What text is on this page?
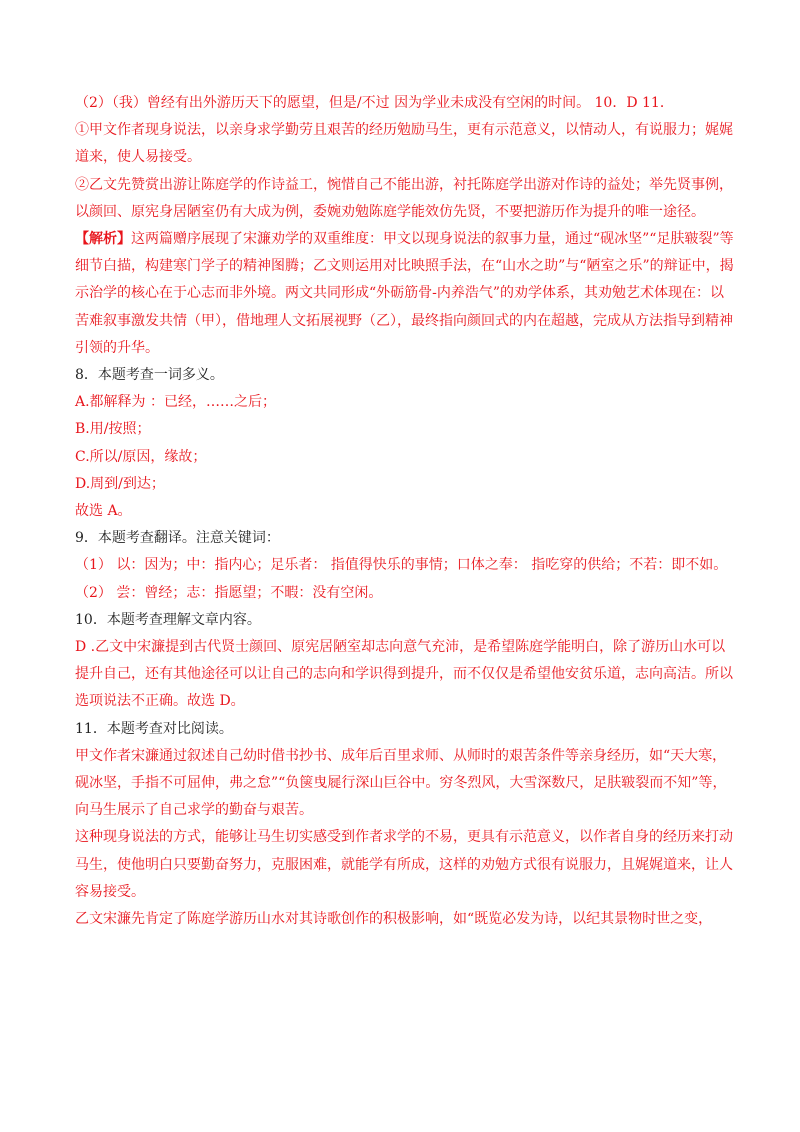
（2）（我）曾经有出外游历天下的愿望，但是/不过 因为学业未成没有空闲的时间。 10．D 11．

①甲文作者现身说法，以亲身求学勤劳且艰苦的经历勉励马生，更有示范意义，以情动人，有说服力；娓娓道来，使人易接受。

②乙文先赞赏出游让陈庭学的作诗益工，惋惜自己不能出游，衬托陈庭学出游对作诗的益处；举先贤事例，以颜回、原宪身居陋室仍有大成为例，委婉劝勉陈庭学能效仿先贤，不要把游历作为提升的唯一途径。

【解析】这两篇赠序展现了宋濂劝学的双重维度：甲文以现身说法的叙事力量，通过“砚冰坚”“足肤皲裂”等细节白描，构建寒门学子的精神图腾；乙文则运用对比映照手法，在“山水之助”与“陋室之乐”的辩证中，揭示治学的核心在于心志而非外境。两文共同形成“外砺筋骨-内养浩气”的劝学体系，其劝勉艺术体现在：以苦难叙事激发共情（甲），借地理人文拓展视野（乙），最终指向颜回式的内在超越，完成从方法指导到精神引领的升华。

8．本题考查一词多义。

A.都解释为 ：已经，……之后；

B.用/按照；

C.所以/原因，缘故；

D.周到/到达；

故选 A。

9．本题考查翻译。注意关键词：

（1） 以：因为；中：指内心；足乐者： 指值得快乐的事情；口体之奉： 指吃穿的供给；不若：即不如。

（2） 尝：曾经；志：指愿望；不暇：没有空闲。

10．本题考查理解文章内容。

D .乙文中宋濂提到古代贤士颜回、原宪居陋室却志向意气充沛，是希望陈庭学能明白，除了游历山水可以提升自己，还有其他途径可以让自己的志向和学识得到提升，而不仅仅是希望他安贫乐道，志向高洁。所以选项说法不正确。故选 D。

11．本题考查对比阅读。

甲文作者宋濂通过叙述自己幼时借书抄书、成年后百里求师、从师时的艰苦条件等亲身经历，如“天大寒，砚冰坚，手指不可屈伸，弗之怠”“负箧曳屣行深山巨谷中。穷冬烈风，大雪深数尺，足肤皲裂而不知”等，向马生展示了自己求学的勤奋与艰苦。

这种现身说法的方式，能够让马生切实感受到作者求学的不易，更具有示范意义，以作者自身的经历来打动马生，使他明白只要勤奋努力，克服困难，就能学有所成，这样的劝勉方式很有说服力，且娓娓道来，让人容易接受。

乙文宋濂先肯定了陈庭学游历山水对其诗歌创作的积极影响，如“既览必发为诗，以纪其景物时世之变，
